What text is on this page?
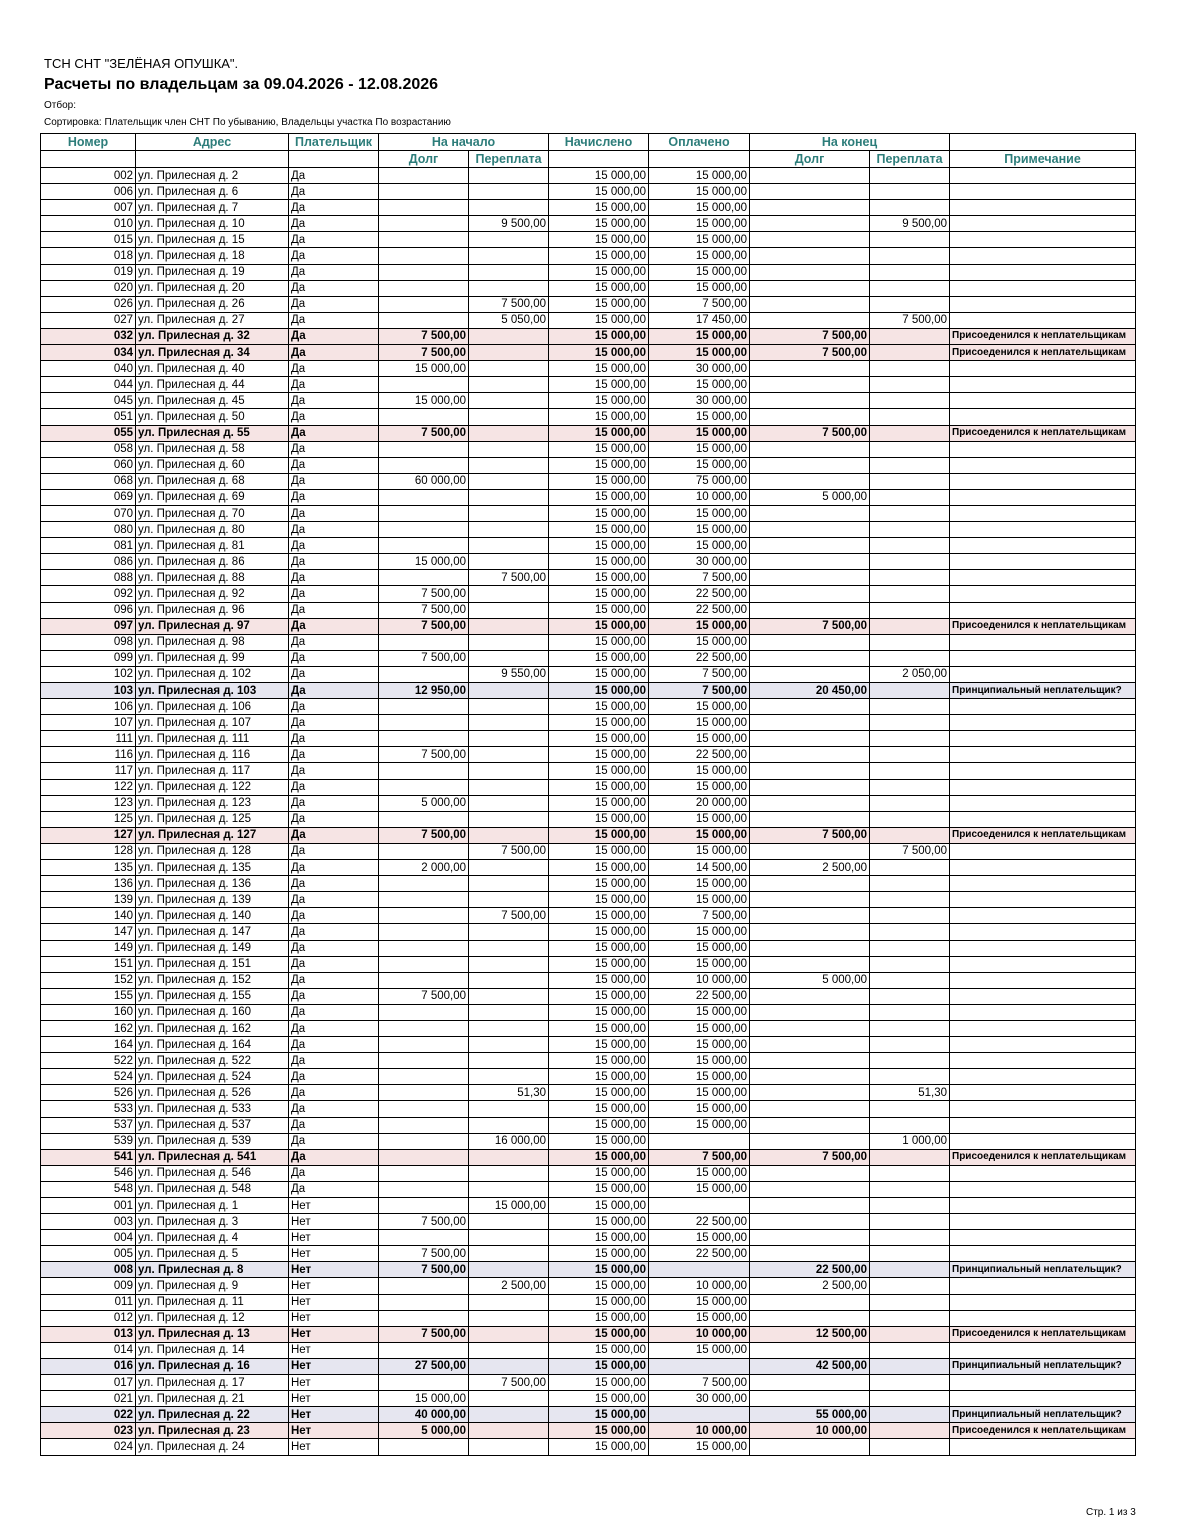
ТСН СНТ "ЗЕЛЁНАЯ ОПУШКА".
Расчеты по владельцам за 09.04.2026 - 12.08.2026
Отбор:
Сортировка: Плательщик член СНТ По убыванию, Владельцы участка По возрастанию
Номер	Адрес	Плательщик	На начало		Начислено	Оплачено	На конец		
			Долг	Переплата			Долг	Переплата	Примечание
002	ул. Прилесная д. 2	Да			15 000,00	15 000,00			
006	ул. Прилесная д. 6	Да			15 000,00	15 000,00			
007	ул. Прилесная д. 7	Да			15 000,00	15 000,00			
010	ул. Прилесная д. 10	Да		9 500,00	15 000,00	15 000,00		9 500,00	
015	ул. Прилесная д. 15	Да			15 000,00	15 000,00			
018	ул. Прилесная д. 18	Да			15 000,00	15 000,00			
019	ул. Прилесная д. 19	Да			15 000,00	15 000,00			
020	ул. Прилесная д. 20	Да			15 000,00	15 000,00			
026	ул. Прилесная д. 26	Да		7 500,00	15 000,00	7 500,00			
027	ул. Прилесная д. 27	Да		5 050,00	15 000,00	17 450,00		7 500,00	
032	ул. Прилесная д. 32	Да	7 500,00		15 000,00	15 000,00	7 500,00		Присоеденился к неплательщикам
034	ул. Прилесная д. 34	Да	7 500,00		15 000,00	15 000,00	7 500,00		Присоеденился к неплательщикам
040	ул. Прилесная д. 40	Да	15 000,00		15 000,00	30 000,00			
044	ул. Прилесная д. 44	Да			15 000,00	15 000,00			
045	ул. Прилесная д. 45	Да	15 000,00		15 000,00	30 000,00			
051	ул. Прилесная д. 50	Да			15 000,00	15 000,00			
055	ул. Прилесная д. 55	Да	7 500,00		15 000,00	15 000,00	7 500,00		Присоеденился к неплательщикам
058	ул. Прилесная д. 58	Да			15 000,00	15 000,00			
060	ул. Прилесная д. 60	Да			15 000,00	15 000,00			
068	ул. Прилесная д. 68	Да	60 000,00		15 000,00	75 000,00			
069	ул. Прилесная д. 69	Да			15 000,00	10 000,00	5 000,00		
070	ул. Прилесная д. 70	Да			15 000,00	15 000,00			
080	ул. Прилесная д. 80	Да			15 000,00	15 000,00			
081	ул. Прилесная д. 81	Да			15 000,00	15 000,00			
086	ул. Прилесная д. 86	Да	15 000,00		15 000,00	30 000,00			
088	ул. Прилесная д. 88	Да		7 500,00	15 000,00	7 500,00			
092	ул. Прилесная д. 92	Да	7 500,00		15 000,00	22 500,00			
096	ул. Прилесная д. 96	Да	7 500,00		15 000,00	22 500,00			
097	ул. Прилесная д. 97	Да	7 500,00		15 000,00	15 000,00	7 500,00		Присоеденился к неплательщикам
098	ул. Прилесная д. 98	Да			15 000,00	15 000,00			
099	ул. Прилесная д. 99	Да	7 500,00		15 000,00	22 500,00			
102	ул. Прилесная д. 102	Да		9 550,00	15 000,00	7 500,00		2 050,00	
103	ул. Прилесная д. 103	Да	12 950,00		15 000,00	7 500,00	20 450,00		Принципиальный неплательщик?
106	ул. Прилесная д. 106	Да			15 000,00	15 000,00			
107	ул. Прилесная д. 107	Да			15 000,00	15 000,00			
111	ул. Прилесная д. 111	Да			15 000,00	15 000,00			
116	ул. Прилесная д. 116	Да	7 500,00		15 000,00	22 500,00			
117	ул. Прилесная д. 117	Да			15 000,00	15 000,00			
122	ул. Прилесная д. 122	Да			15 000,00	15 000,00			
123	ул. Прилесная д. 123	Да	5 000,00		15 000,00	20 000,00			
125	ул. Прилесная д. 125	Да			15 000,00	15 000,00			
127	ул. Прилесная д. 127	Да	7 500,00		15 000,00	15 000,00	7 500,00		Присоеденился к неплательщикам
128	ул. Прилесная д. 128	Да		7 500,00	15 000,00	15 000,00		7 500,00	
135	ул. Прилесная д. 135	Да	2 000,00		15 000,00	14 500,00	2 500,00		
136	ул. Прилесная д. 136	Да			15 000,00	15 000,00			
139	ул. Прилесная д. 139	Да			15 000,00	15 000,00			
140	ул. Прилесная д. 140	Да		7 500,00	15 000,00	7 500,00			
147	ул. Прилесная д. 147	Да			15 000,00	15 000,00			
149	ул. Прилесная д. 149	Да			15 000,00	15 000,00			
151	ул. Прилесная д. 151	Да			15 000,00	15 000,00			
152	ул. Прилесная д. 152	Да			15 000,00	10 000,00	5 000,00		
155	ул. Прилесная д. 155	Да	7 500,00		15 000,00	22 500,00			
160	ул. Прилесная д. 160	Да			15 000,00	15 000,00			
162	ул. Прилесная д. 162	Да			15 000,00	15 000,00			
164	ул. Прилесная д. 164	Да			15 000,00	15 000,00			
522	ул. Прилесная д. 522	Да			15 000,00	15 000,00			
524	ул. Прилесная д. 524	Да			15 000,00	15 000,00			
526	ул. Прилесная д. 526	Да		51,30	15 000,00	15 000,00		51,30	
533	ул. Прилесная д. 533	Да			15 000,00	15 000,00			
537	ул. Прилесная д. 537	Да			15 000,00	15 000,00			
539	ул. Прилесная д. 539	Да		16 000,00	15 000,00			1 000,00	
541	ул. Прилесная д. 541	Да			15 000,00	7 500,00	7 500,00		Присоеденился к неплательщикам
546	ул. Прилесная д. 546	Да			15 000,00	15 000,00			
548	ул. Прилесная д. 548	Да			15 000,00	15 000,00			
001	ул. Прилесная д. 1	Нет		15 000,00	15 000,00				
003	ул. Прилесная д. 3	Нет	7 500,00		15 000,00	22 500,00			
004	ул. Прилесная д. 4	Нет			15 000,00	15 000,00			
005	ул. Прилесная д. 5	Нет	7 500,00		15 000,00	22 500,00			
008	ул. Прилесная д. 8	Нет	7 500,00		15 000,00		22 500,00		Принципиальный неплательщик?
009	ул. Прилесная д. 9	Нет		2 500,00	15 000,00	10 000,00	2 500,00		
011	ул. Прилесная д. 11	Нет			15 000,00	15 000,00			
012	ул. Прилесная д. 12	Нет			15 000,00	15 000,00			
013	ул. Прилесная д. 13	Нет	7 500,00		15 000,00	10 000,00	12 500,00		Присоеденился к неплательщикам
014	ул. Прилесная д. 14	Нет			15 000,00	15 000,00			
016	ул. Прилесная д. 16	Нет	27 500,00		15 000,00		42 500,00		Принципиальный неплательщик?
017	ул. Прилесная д. 17	Нет		7 500,00	15 000,00	7 500,00			
021	ул. Прилесная д. 21	Нет	15 000,00		15 000,00	30 000,00			
022	ул. Прилесная д. 22	Нет	40 000,00		15 000,00		55 000,00		Принципиальный неплательщик?
023	ул. Прилесная д. 23	Нет	5 000,00		15 000,00	10 000,00	10 000,00		Присоеденился к неплательщикам
024	ул. Прилесная д. 24	Нет			15 000,00	15 000,00			
Стр. 1 из 3
